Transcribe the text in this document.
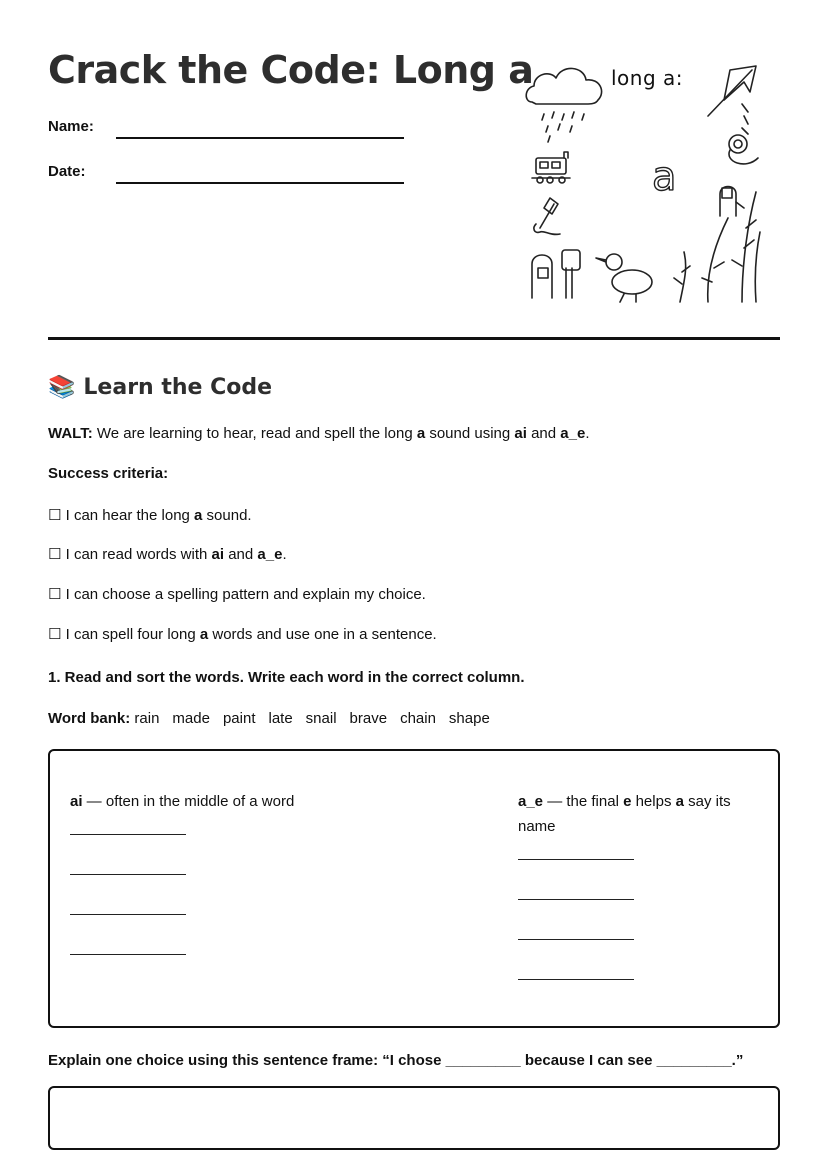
Crack the Code: Long a
Name:
Date:
long a:
a
📚 Learn the Code
WALT: We are learning to hear, read and spell the long a sound using ai and a_e.
Success criteria:
☐ I can hear the long a sound.
☐ I can read words with ai and a_e.
☐ I can choose a spelling pattern and explain my choice.
☐ I can spell four long a words and use one in a sentence.
1. Read and sort the words. Write each word in the correct column.
Word bank: rain made paint late snail brave chain shape
ai — often in the middle of a word	a_e — the final e helps a say its name
Explain one choice using this sentence frame: “I chose _________ because I can see _________.”
